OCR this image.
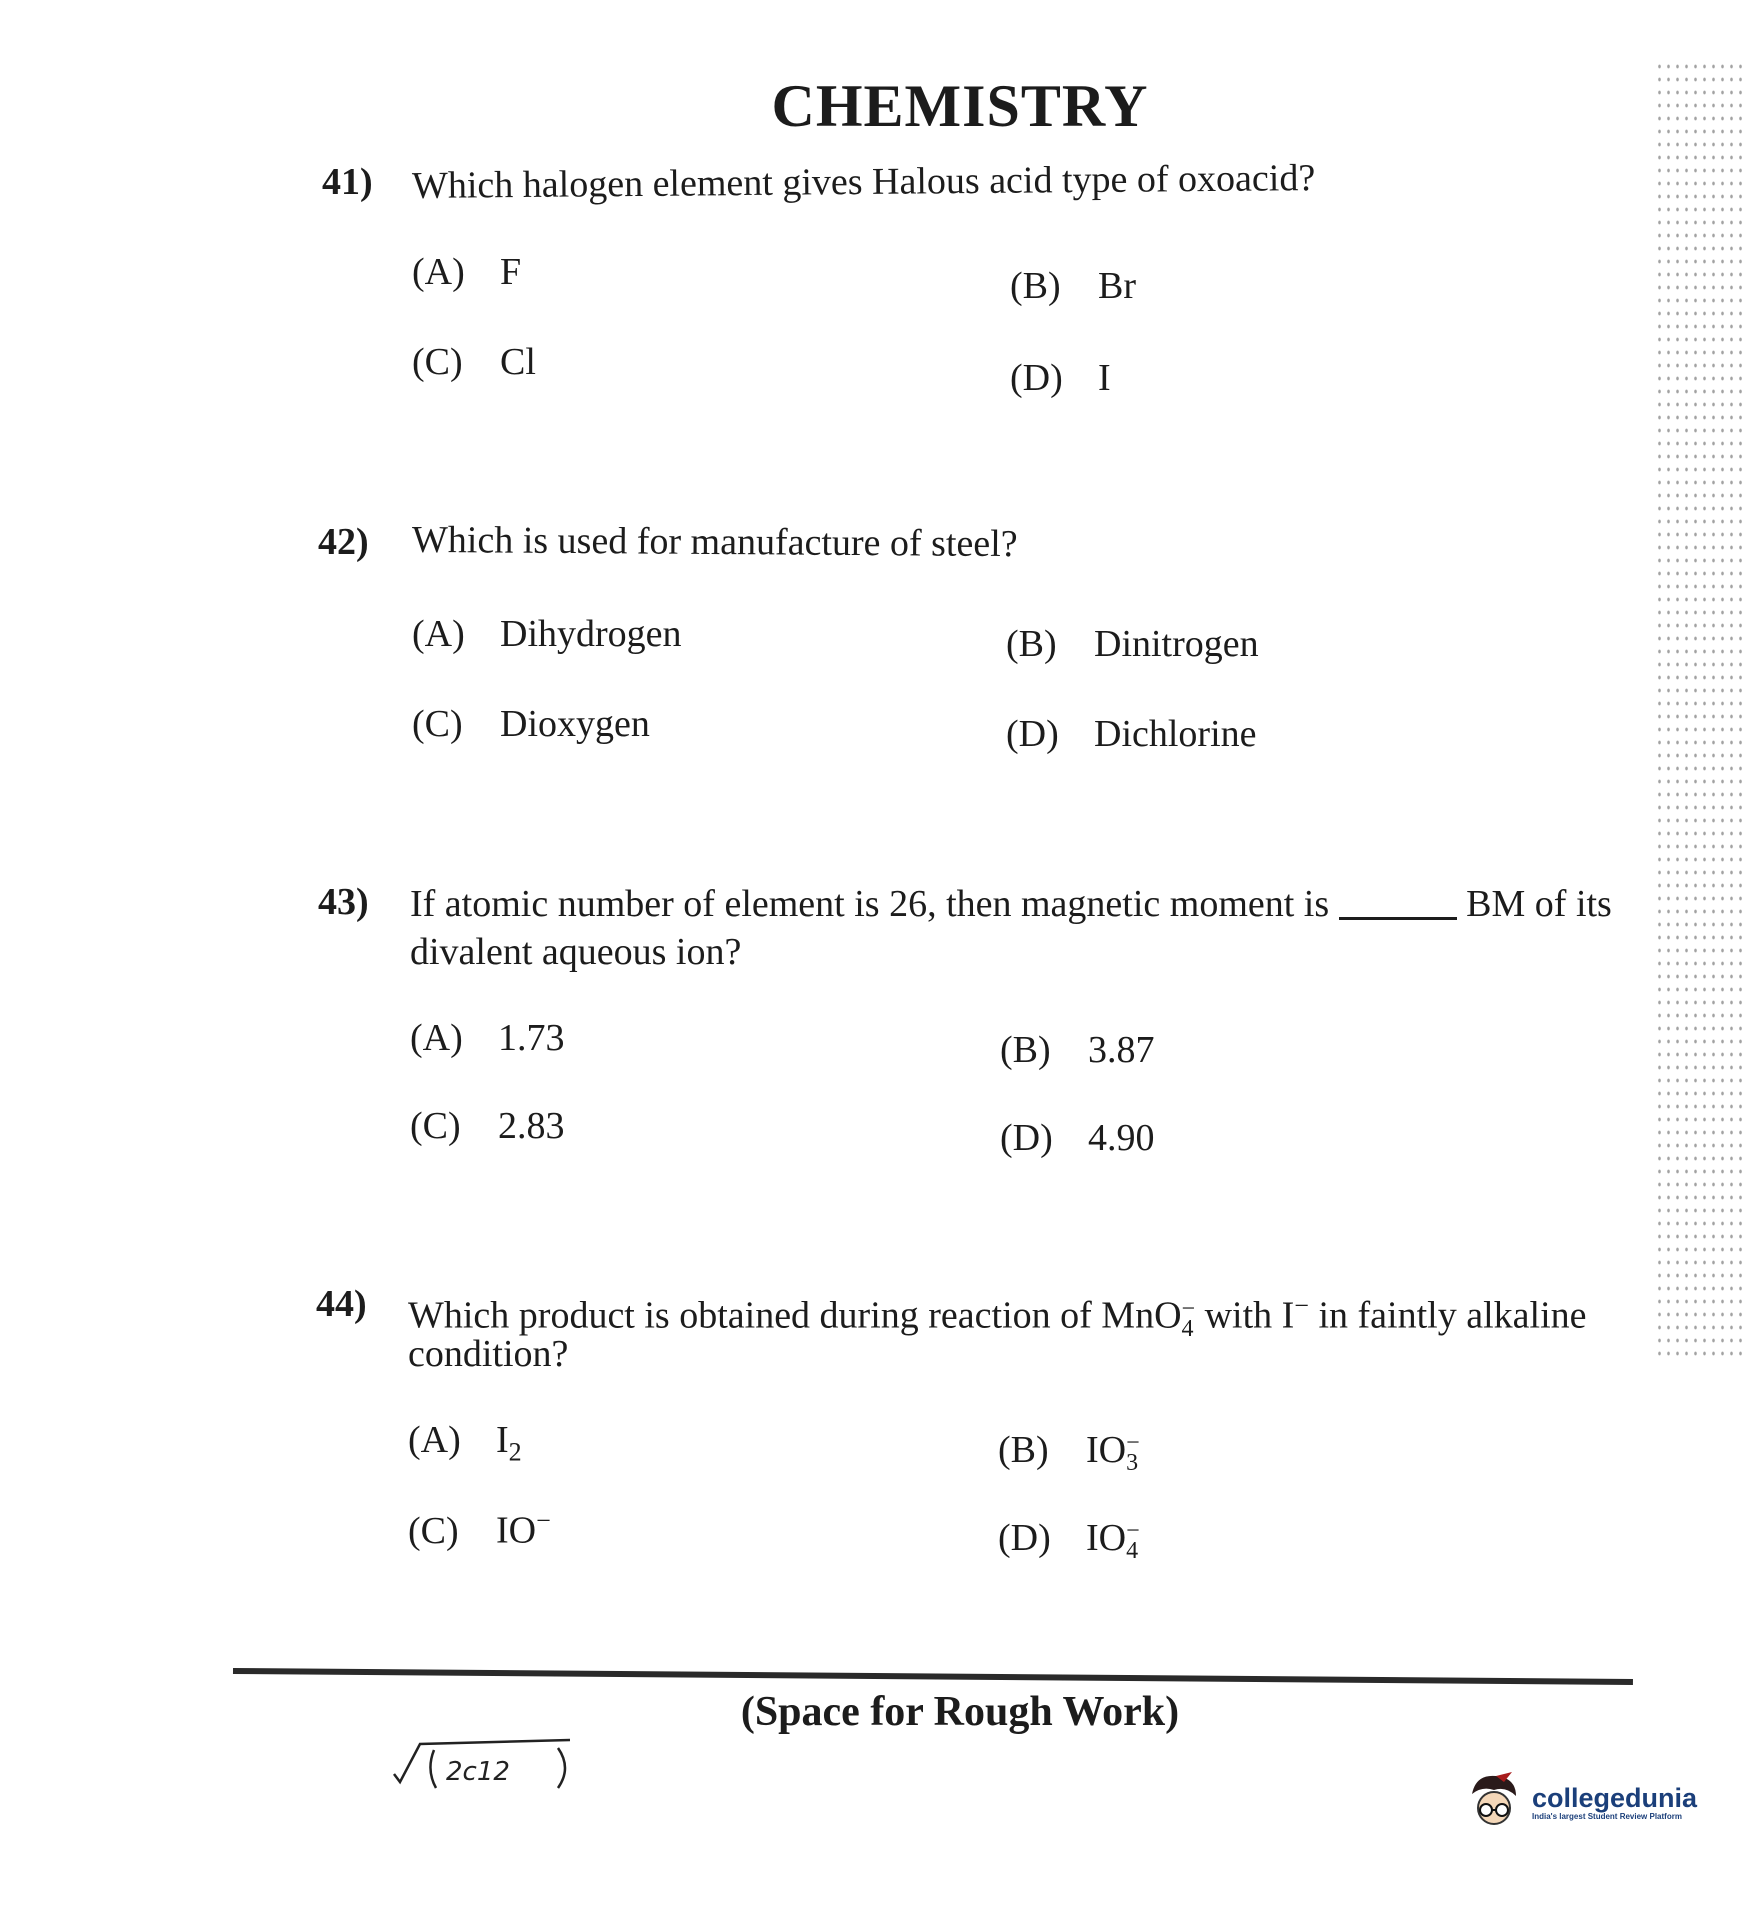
CHEMISTRY
41) Which halogen element gives Halous acid type of oxoacid?
(A) F	(B) Br
(C) Cl	(D) I
42) Which is used for manufacture of steel?
(A) Dihydrogen	(B) Dinitrogen
(C) Dioxygen	(D) Dichlorine
43) If atomic number of element is 26, then magnetic moment is	BM of its
divalent aqueous ion?
(A) 1.73	(B) 3.87
(C) 2.83	(D) 4.90
44) Which product is obtained during reaction of MnO −
4 with I− in faintly alkaline
condition?
(A) $I_2$	(B) IO −
3
(C) IO−	(D) IO −
4
(Space for Rough Work)
2c12
collegedunia
India's largest Student Review Platform
